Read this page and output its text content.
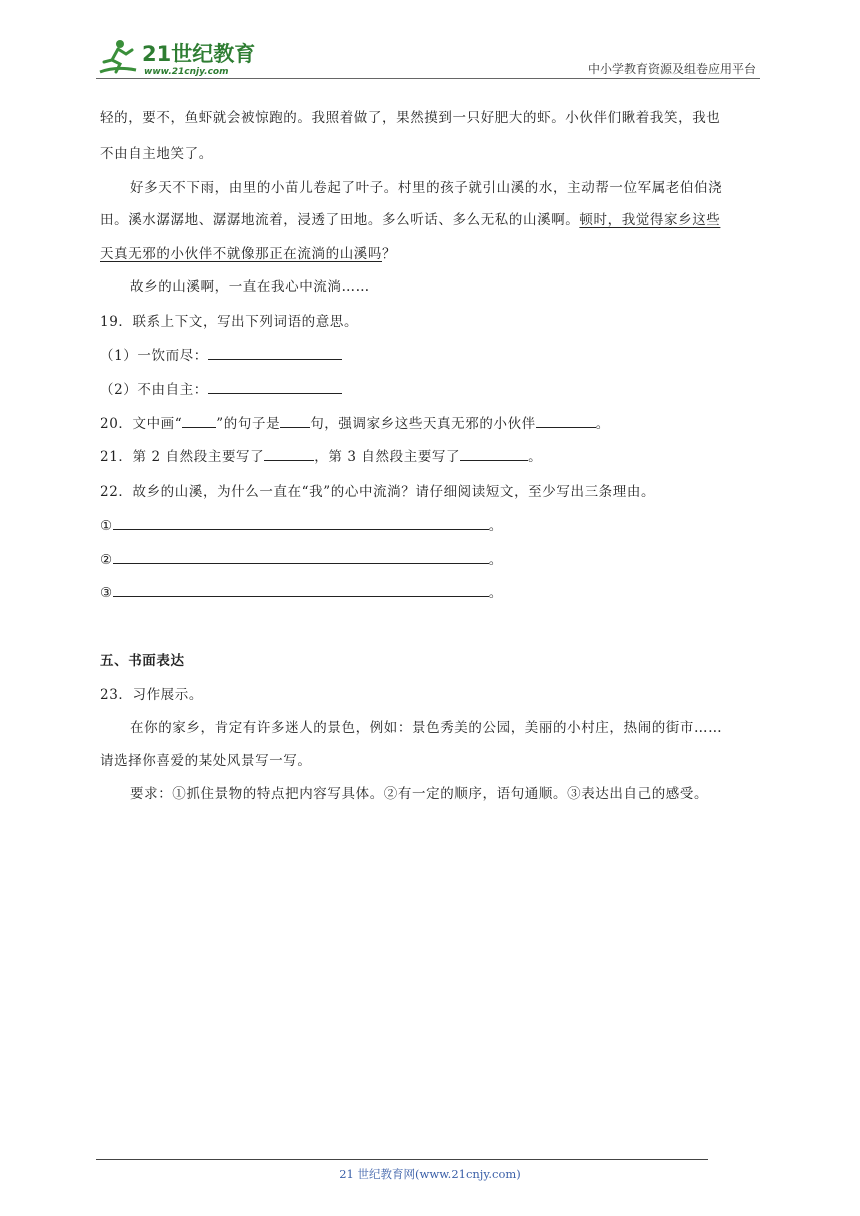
21世纪教育
www.21cnjy.com	中小学教育资源及组卷应用平台
轻的，要不，鱼虾就会被惊跑的。我照着做了，果然摸到一只好肥大的虾。小伙伴们瞅着我笑，我也
不由自主地笑了。
好多天不下雨，由里的小苗儿卷起了叶子。村里的孩子就引山溪的水，主动帮一位军属老伯伯浇
田。溪水潺潺地、潺潺地流着，浸透了田地。多么听话、多么无私的山溪啊。顿时，我觉得家乡这些
天真无邪的小伙伴不就像那正在流淌的山溪吗？
故乡的山溪啊，一直在我心中流淌……
19．联系上下文，写出下列词语的意思。
（1）一饮而尽：
（2）不由自主：
20．文中画“	”的句子是 句，强调家乡这些天真无邪的小伙伴	。
21．第 2 自然段主要写了	，第 3 自然段主要写了	。
22．故乡的山溪，为什么一直在“我”的心中流淌？请仔细阅读短文，至少写出三条理由。
①	。
②	。
③	。
五、书面表达
23．习作展示。
在你的家乡，肯定有许多迷人的景色，例如：景色秀美的公园，美丽的小村庄，热闹的街市……
请选择你喜爱的某处风景写一写。
要求：①抓住景物的特点把内容写具体。②有一定的顺序，语句通顺。③表达出自己的感受。
21 世纪教育网(www.21cnjy.com)
